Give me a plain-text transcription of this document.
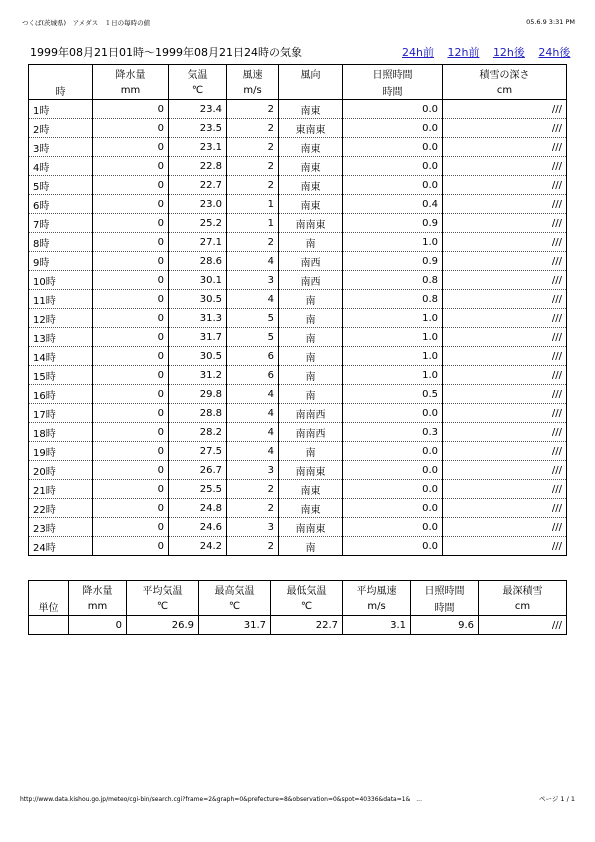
つくば(茨城県)　アメダス　１日の毎時の値	05.6.9 3:31 PM
1999年08月21日01時〜1999年08月21日24時の気象	24h前 12h前 12h後 24h後
	降水量	気温	風速	風向	日照時間	積雪の深さ
時	mm	℃	m/s		時間	cm
1時	0	23.4	2	南東	0.0	///
2時	0	23.5	2	東南東	0.0	///
3時	0	23.1	2	南東	0.0	///
4時	0	22.8	2	南東	0.0	///
5時	0	22.7	2	南東	0.0	///
6時	0	23.0	1	南東	0.4	///
7時	0	25.2	1	南南東	0.9	///
8時	0	27.1	2	南	1.0	///
9時	0	28.6	4	南西	0.9	///
10時	0	30.1	3	南西	0.8	///
11時	0	30.5	4	南	0.8	///
12時	0	31.3	5	南	1.0	///
13時	0	31.7	5	南	1.0	///
14時	0	30.5	6	南	1.0	///
15時	0	31.2	6	南	1.0	///
16時	0	29.8	4	南	0.5	///
17時	0	28.8	4	南南西	0.0	///
18時	0	28.2	4	南南西	0.3	///
19時	0	27.5	4	南	0.0	///
20時	0	26.7	3	南南東	0.0	///
21時	0	25.5	2	南東	0.0	///
22時	0	24.8	2	南東	0.0	///
23時	0	24.6	3	南南東	0.0	///
24時	0	24.2	2	南	0.0	///
	降水量	平均気温	最高気温	最低気温	平均風速	日照時間	最深積雪
単位	mm	℃	℃	℃	m/s	時間	cm
	0	26.9	31.7	22.7	3.1	9.6	///
http://www.data.kishou.go.jp/meteo/cgi-bin/search.cgi?frame=2&graph=0&prefecture=8&observation=0&spot=40336&data=1&　...	ページ 1 / 1
